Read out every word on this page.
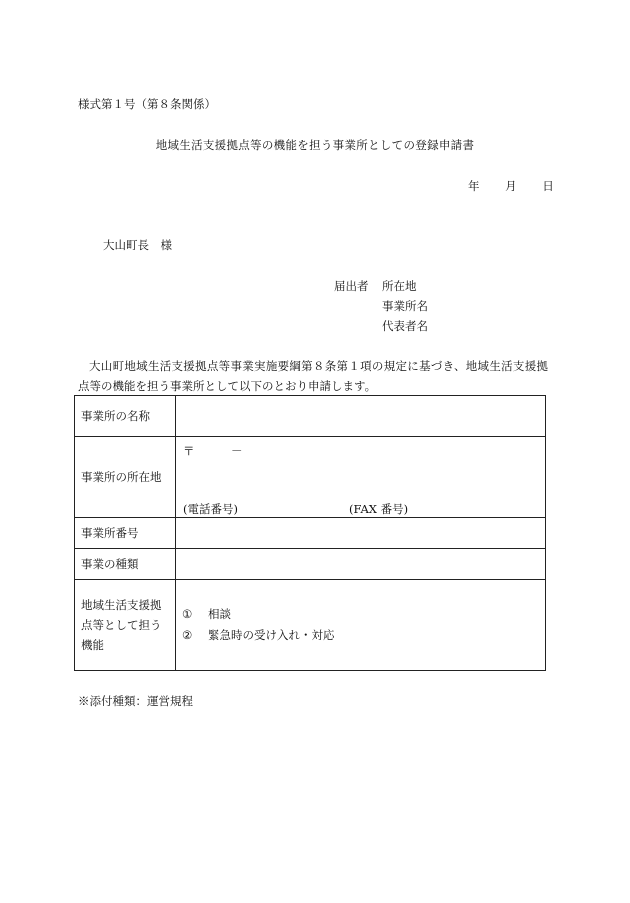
様式第１号（第８条関係）
地域生活支援拠点等の機能を担う事業所としての登録申請書
年 月 日
大山町長　様
届出者 所在地
事業所名
代表者名
大山町地域生活支援拠点等事業実施要綱第８条第１項の規定に基づき、地域生活支援拠点等の機能を担う事業所として以下のとおり申請します。
事業所の名称	
事業所の所在地	〒 －
(電話番号) (FAX 番号)

事業所番号	
事業の種類	
地域生活支援拠点等として担う機能	① 相談
② 緊急時の受け入れ・対応
※添付種類：運営規程
